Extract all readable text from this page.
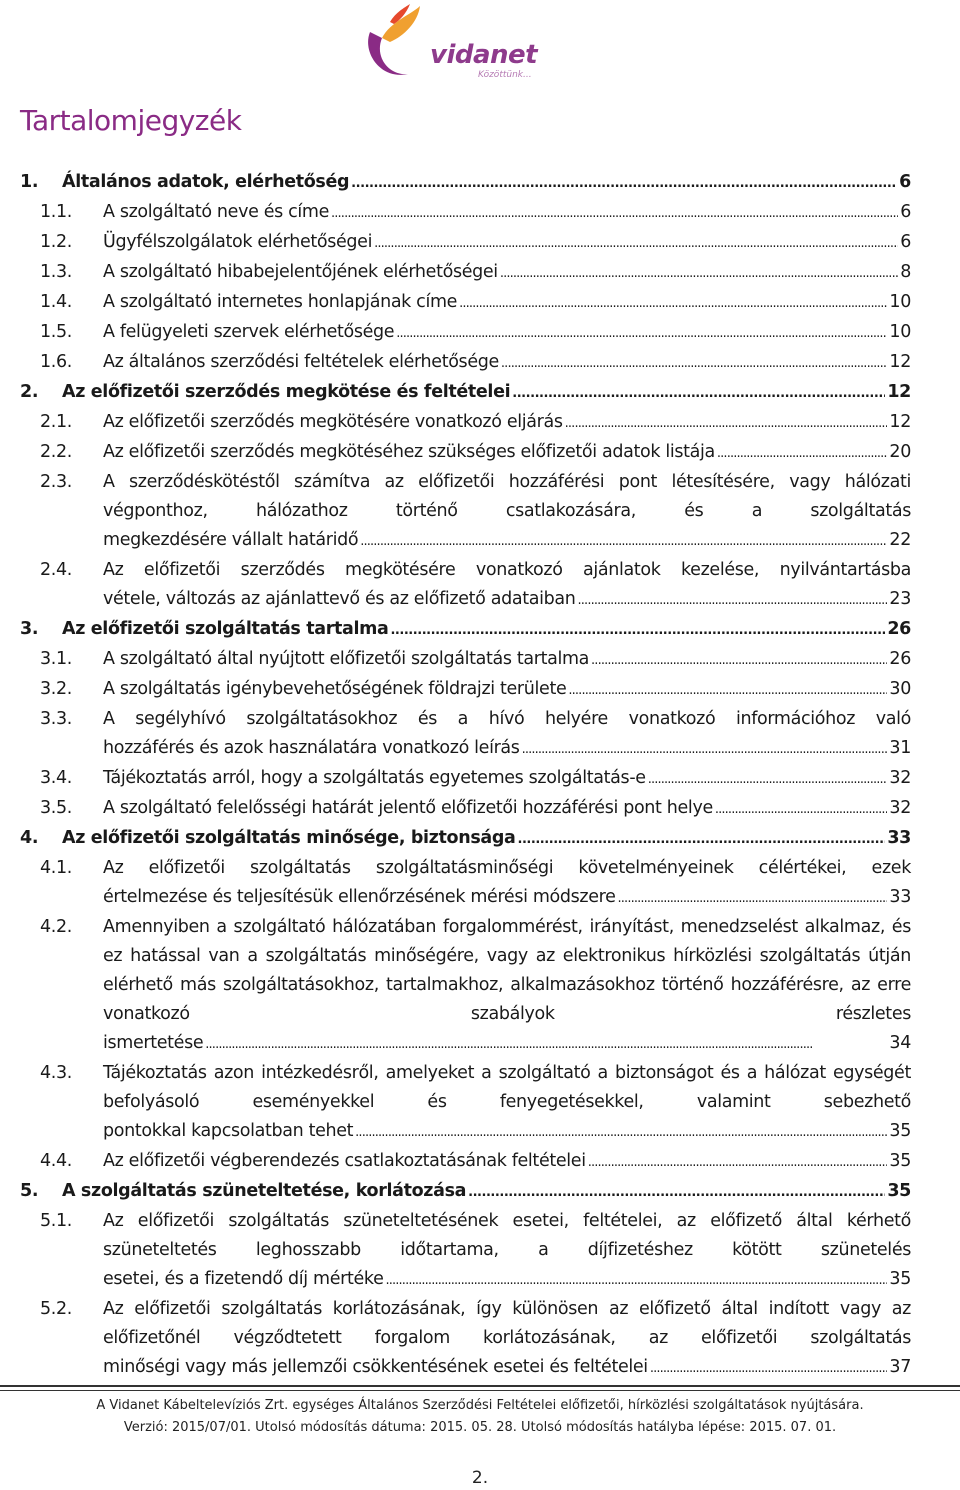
vidanet
Közöttünk...
Tartalomjegyzék
1. Általános adatok, elérhetőség . . .	6
1.1. A szolgáltató neve és címe . . .	6
1.2. Ügyfélszolgálatok elérhetőségei . . .	6
1.3. A szolgáltató hibabejelentőjének elérhetőségei . . .	8
1.4. A szolgáltató internetes honlapjának címe . . .	10
1.5. A felügyeleti szervek elérhetősége . . .	10
1.6. Az általános szerződési feltételek elérhetősége . . .	12
2. Az előfizetői szerződés megkötése és feltételei . . .	12
2.1. Az előfizetői szerződés megkötésére vonatkozó eljárás . . .	12
2.2. Az előfizetői szerződés megkötéséhez szükséges előfizetői adatok listája . . .	20
2.3. A szerződéskötéstől számítva az előfizetői hozzáférési pont létesítésére, vagy hálózati végponthoz, hálózathoz történő csatlakozására, és a szolgáltatás
megkezdésére vállalt határidő . . .	22
2.4. Az előfizetői szerződés megkötésére vonatkozó ajánlatok kezelése, nyilvántartásba
vétele, változás az ajánlattevő és az előfizető adataiban . . .	23
3. Az előfizetői szolgáltatás tartalma . . .	26
3.1. A szolgáltató által nyújtott előfizetői szolgáltatás tartalma . . .	26
3.2. A szolgáltatás igénybevehetőségének földrajzi területe . . .	30
3.3. A segélyhívó szolgáltatásokhoz és a hívó helyére vonatkozó információhoz való
hozzáférés és azok használatára vonatkozó leírás . . .	31
3.4. Tájékoztatás arról, hogy a szolgáltatás egyetemes szolgáltatás-e . . .	32
3.5. A szolgáltató felelősségi határát jelentő előfizetői hozzáférési pont helye . . .	32
4. Az előfizetői szolgáltatás minősége, biztonsága . . .	33
4.1. Az előfizetői szolgáltatás szolgáltatásminőségi követelményeinek célértékei, ezek
értelmezése és teljesítésük ellenőrzésének mérési módszere . . .	33
4.2. Amennyiben a szolgáltató hálózatában forgalommérést, irányítást, menedzselést alkalmaz, és ez hatással van a szolgáltatás minőségére, vagy az elektronikus hírközlési szolgáltatás útján elérhető más szolgáltatásokhoz, tartalmakhoz, alkalmazásokhoz történő hozzáférésre, az erre vonatkozó szabályok részletes
ismertetése . . .	34
4.3. Tájékoztatás azon intézkedésről, amelyeket a szolgáltató a biztonságot és a hálózat egységét befolyásoló eseményekkel és fenyegetésekkel, valamint sebezhető
pontokkal kapcsolatban tehet . . .	35
4.4. Az előfizetői végberendezés csatlakoztatásának feltételei . . .	35
5. A szolgáltatás szüneteltetése, korlátozása . . .	35
5.1. Az előfizetői szolgáltatás szüneteltetésének esetei, feltételei, az előfizető által kérhető szüneteltetés leghosszabb időtartama, a díjfizetéshez kötött szünetelés
esetei, és a fizetendő díj mértéke . . .	35
5.2. Az előfizetői szolgáltatás korlátozásának, így különösen az előfizető által indított vagy az előfizetőnél végződtetett forgalom korlátozásának, az előfizetői szolgáltatás
minőségi vagy más jellemzői csökkentésének esetei és feltételei . . .	37
A Vidanet Kábeltelevíziós Zrt. egységes Általános Szerződési Feltételei előfizetői, hírközlési szolgáltatások nyújtására.
Verzió: 2015/07/01. Utolsó módosítás dátuma: 2015. 05. 28. Utolsó módosítás hatályba lépése: 2015. 07. 01.
2.
